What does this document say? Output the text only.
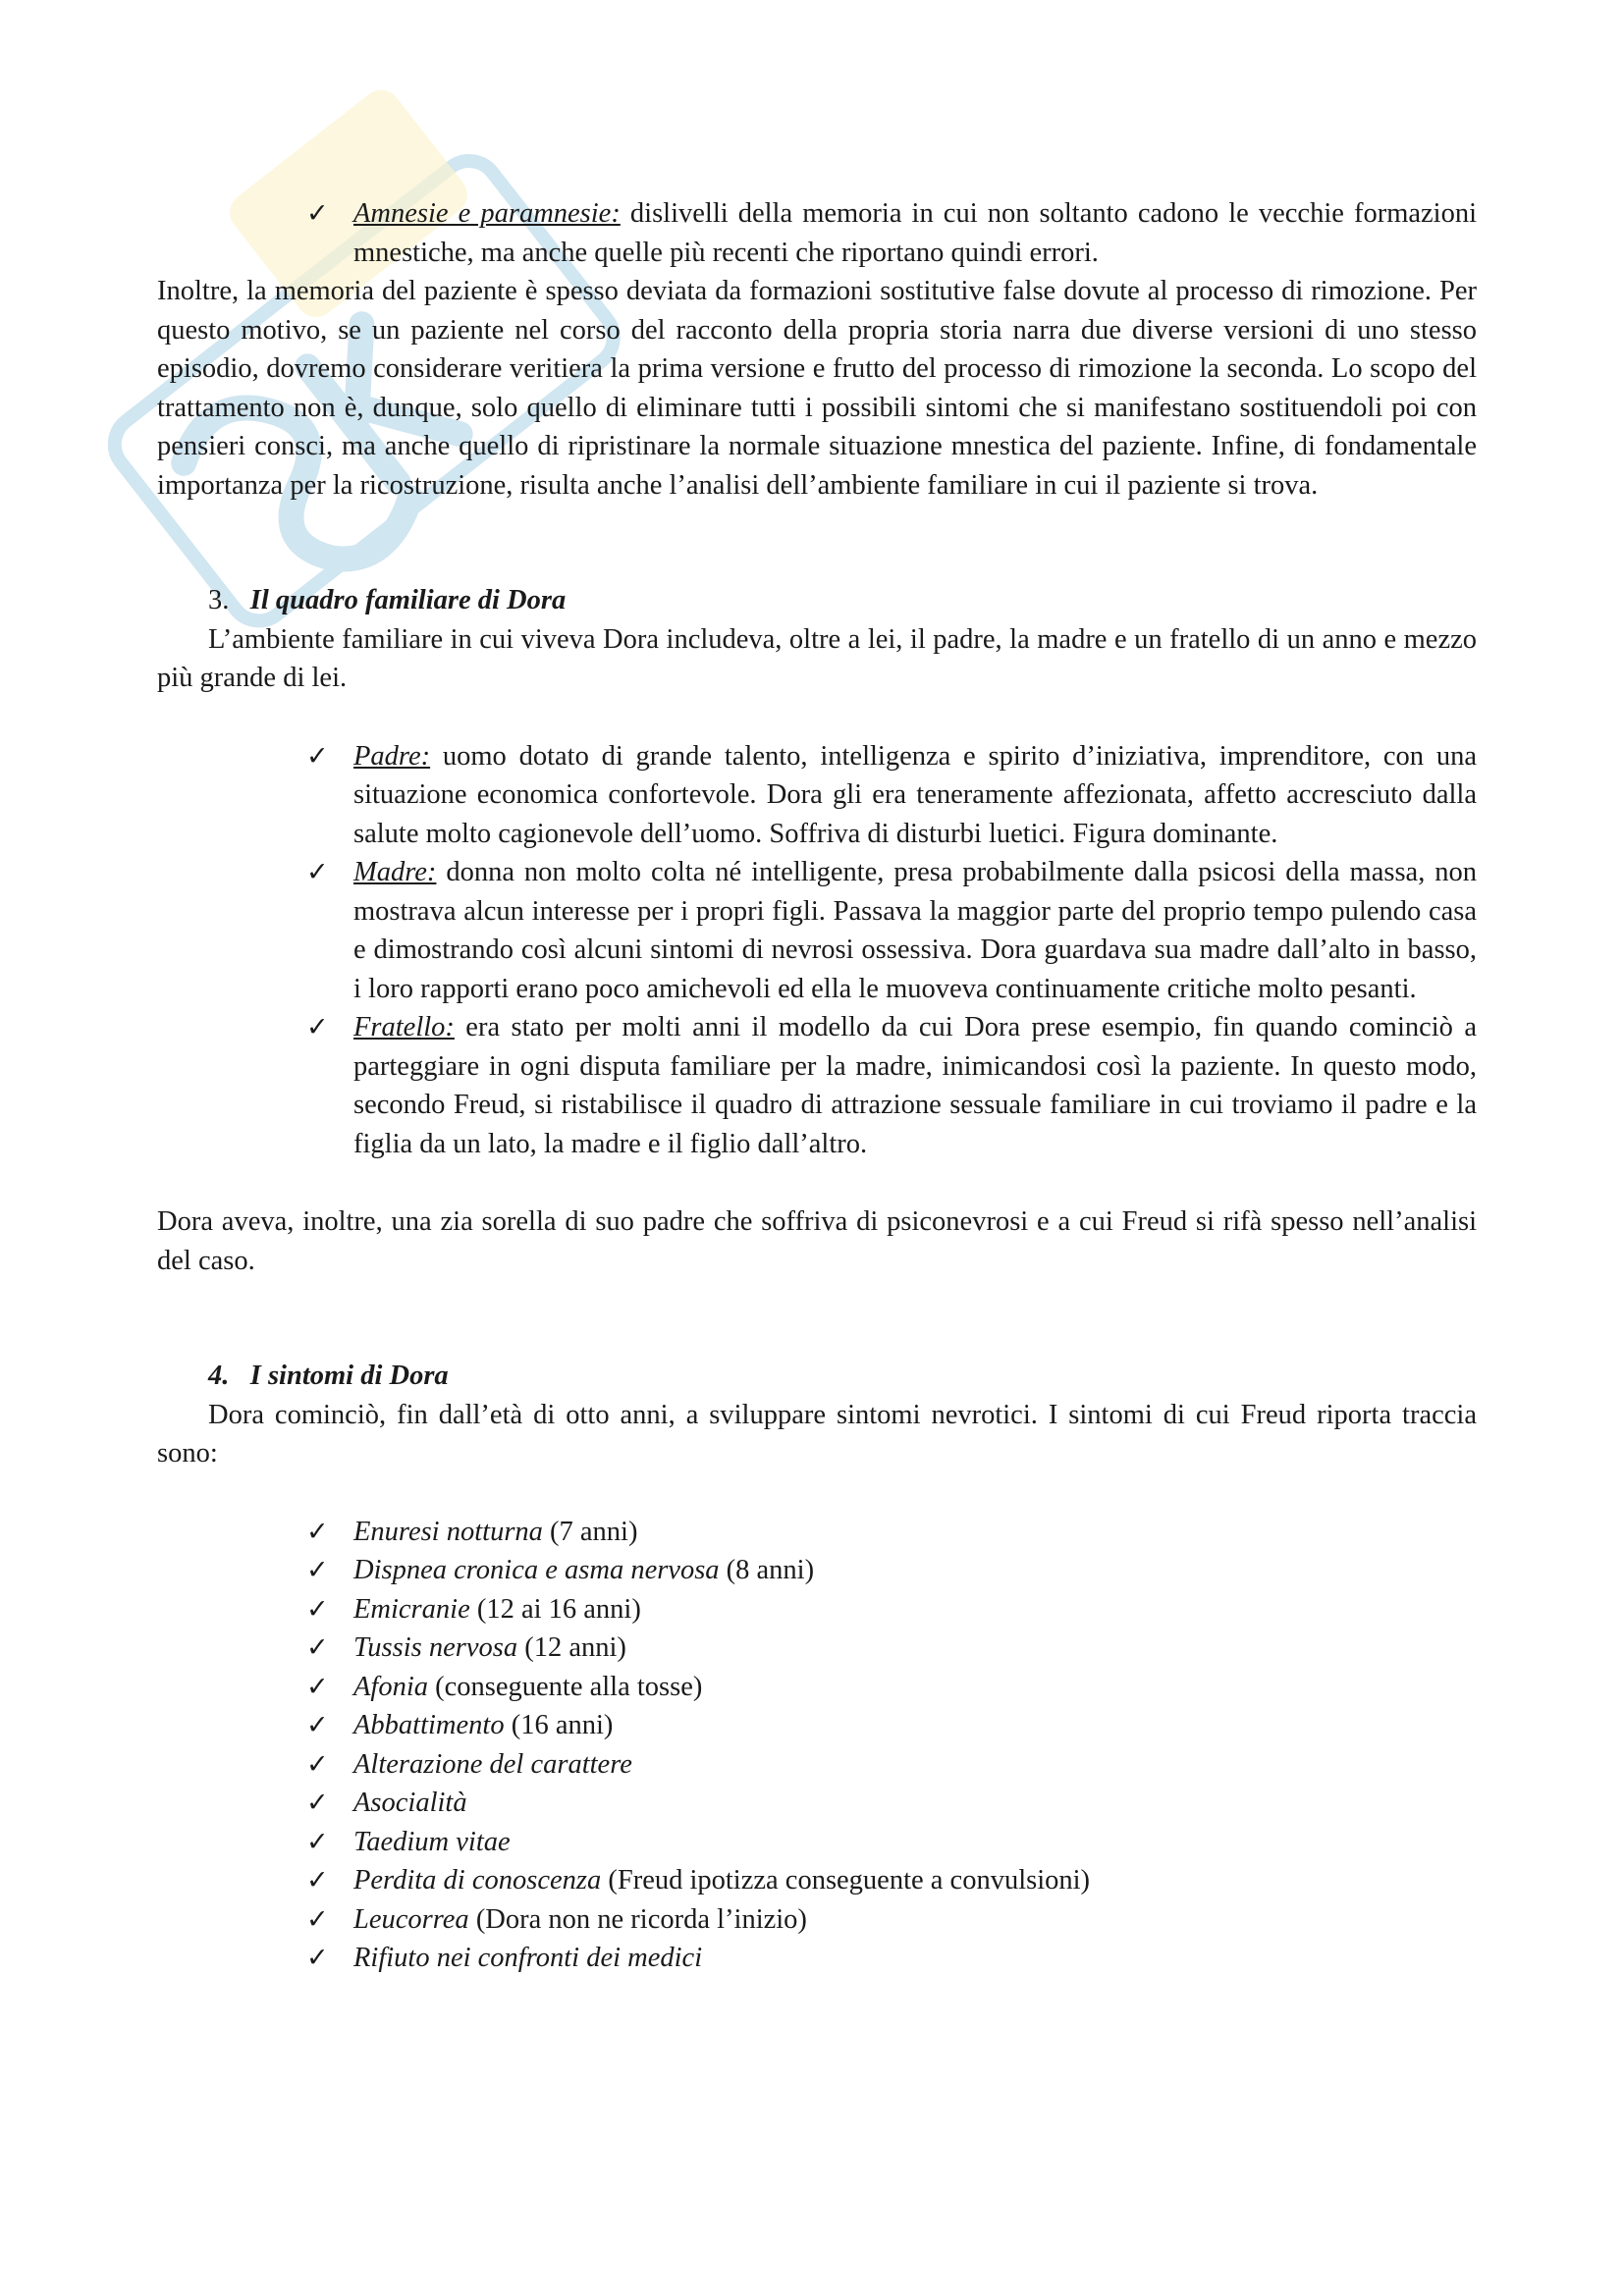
✓ Amnesie e paramnesie: dislivelli della memoria in cui non soltanto cadono le vecchie formazioni mnestiche, ma anche quelle più recenti che riportano quindi errori.

Inoltre, la memoria del paziente è spesso deviata da formazioni sostitutive false dovute al processo di rimozione. Per questo motivo, se un paziente nel corso del racconto della propria storia narra due diverse versioni di uno stesso episodio, dovremo considerare veritiera la prima versione e frutto del processo di rimozione la seconda. Lo scopo del trattamento non è, dunque, solo quello di eliminare tutti i possibili sintomi che si manifestano sostituendoli poi con pensieri consci, ma anche quello di ripristinare la normale situazione mnestica del paziente. Infine, di fondamentale importanza per la ricostruzione, risulta anche l’analisi dell’ambiente familiare in cui il paziente si trova.

3. Il quadro familiare di Dora

L’ambiente familiare in cui viveva Dora includeva, oltre a lei, il padre, la madre e un fratello di un anno e mezzo più grande di lei.

✓ Padre: uomo dotato di grande talento, intelligenza e spirito d’iniziativa, imprenditore, con una situazione economica confortevole. Dora gli era teneramente affezionata, affetto accresciuto dalla salute molto cagionevole dell’uomo. Soffriva di disturbi luetici. Figura dominante.
✓ Madre: donna non molto colta né intelligente, presa probabilmente dalla psicosi della massa, non mostrava alcun interesse per i propri figli. Passava la maggior parte del proprio tempo pulendo casa e dimostrando così alcuni sintomi di nevrosi ossessiva. Dora guardava sua madre dall’alto in basso, i loro rapporti erano poco amichevoli ed ella le muoveva continuamente critiche molto pesanti.
✓ Fratello: era stato per molti anni il modello da cui Dora prese esempio, fin quando cominciò a parteggiare in ogni disputa familiare per la madre, inimicandosi così la paziente. In questo modo, secondo Freud, si ristabilisce il quadro di attrazione sessuale familiare in cui troviamo il padre e la figlia da un lato, la madre e il figlio dall’altro.

Dora aveva, inoltre, una zia sorella di suo padre che soffriva di psiconevrosi e a cui Freud si rifà spesso nell’analisi del caso.

4. I sintomi di Dora

Dora cominciò, fin dall’età di otto anni, a sviluppare sintomi nevrotici. I sintomi di cui Freud riporta traccia sono:

✓ Enuresi notturna (7 anni)
✓ Dispnea cronica e asma nervosa (8 anni)
✓ Emicranie (12 ai 16 anni)
✓ Tussis nervosa (12 anni)
✓ Afonia (conseguente alla tosse)
✓ Abbattimento (16 anni)
✓ Alterazione del carattere
✓ Asocialità
✓ Taedium vitae
✓ Perdita di conoscenza (Freud ipotizza conseguente a convulsioni)
✓ Leucorrea (Dora non ne ricorda l’inizio)
✓ Rifiuto nei confronti dei medici
